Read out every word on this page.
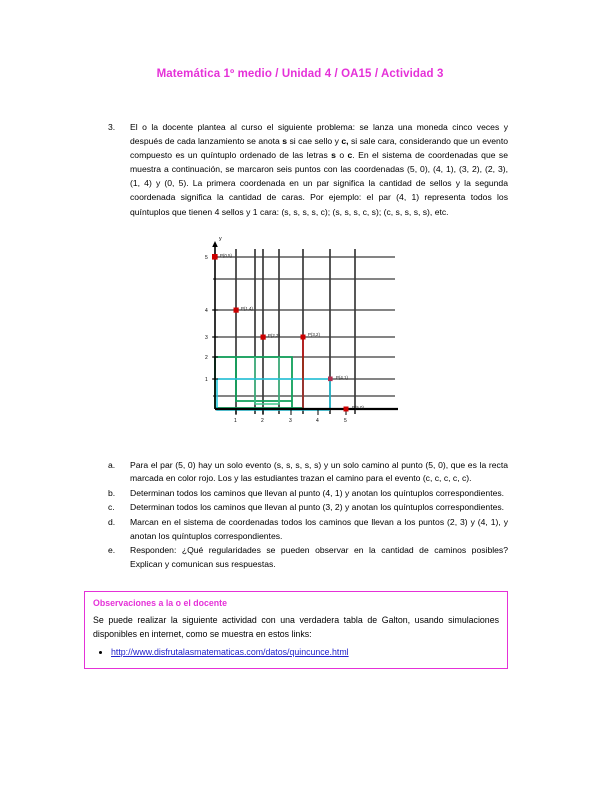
Matemática 1º medio / Unidad 4 / OA15 / Actividad 3
3.	El o la docente plantea al curso el siguiente problema: se lanza una moneda cinco veces y después de cada lanzamiento se anota s si cae sello y c, si sale cara, considerando que un evento compuesto es un quíntuplo ordenado de las letras s o c. En el sistema de coordenadas que se muestra a continuación, se marcaron seis puntos con las coordenadas (5, 0), (4, 1), (3, 2), (2, 3), (1, 4) y (0, 5). La primera coordenada en un par significa la cantidad de sellos y la segunda coordenada significa la cantidad de caras. Por ejemplo: el par (4, 1) representa todos los quíntuplos que tienen 4 sellos y 1 cara: (s, s, s, s, c); (s, s, s, c, s); (c, s, s, s, s), etc.
y
5
4
3
2
1
1	2	3	4	5
P(0,5)
P(1,4)
P(2,3)	P(3,2)
P(4,1)
P(5,0)
a.	Para el par (5, 0) hay un solo evento (s, s, s, s, s) y un solo camino al punto (5, 0), que es la recta marcada en color rojo. Los y las estudiantes trazan el camino para el evento (c, c, c, c, c).
b.	Determinan todos los caminos que llevan al punto (4, 1) y anotan los quíntuplos correspondientes.
c.	Determinan todos los caminos que llevan al punto (3, 2) y anotan los quíntuplos correspondientes.
d.	Marcan en el sistema de coordenadas todos los caminos que llevan a los puntos (2, 3) y (4, 1), y anotan los quíntuplos correspondientes.
e.	Responden: ¿Qué regularidades se pueden observar en la cantidad de caminos posibles? Explican y comunican sus respuestas.
Observaciones a la o el docente

Se puede realizar la siguiente actividad con una verdadera tabla de Galton, usando simulaciones disponibles en internet, como se muestra en estos links:

• http://www.disfrutalasmatematicas.com/datos/quincunce.html
